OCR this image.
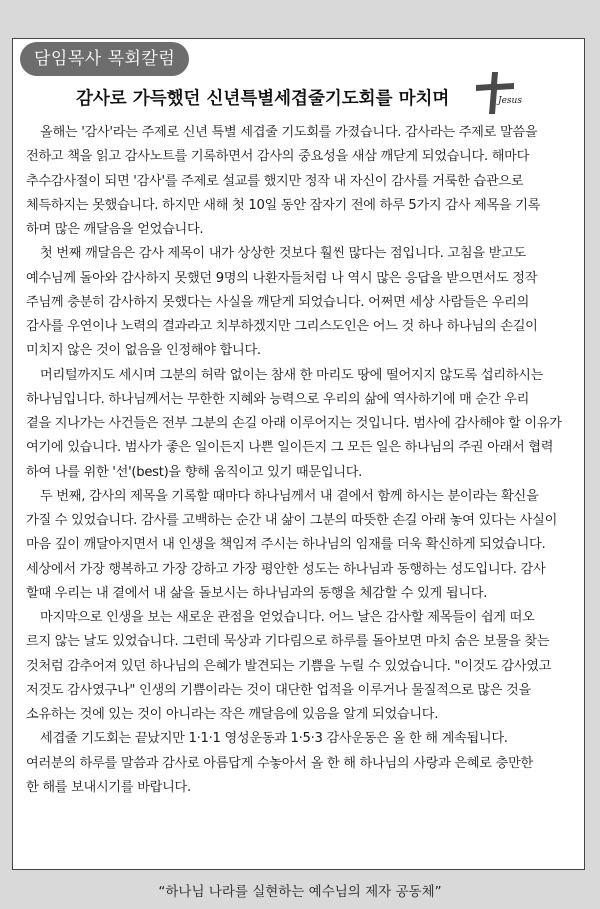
담임목사 목회칼럼
감사로 가득했던 신년특별세겹줄기도회를 마치며	Jesus
올해는 '감사'라는 주제로 신년 특별 세겹줄 기도회를 가졌습니다. 감사라는 주제로 말씀을
전하고 책을 읽고 감사노트를 기록하면서 감사의 중요성을 새삼 깨닫게 되었습니다. 해마다
추수감사절이 되면 '감사'를 주제로 설교를 했지만 정작 내 자신이 감사를 거룩한 습관으로
체득하지는 못했습니다. 하지만 새해 첫 10일 동안 잠자기 전에 하루 5가지 감사 제목을 기록
하며 많은 깨달음을 얻었습니다.
첫 번째 깨달음은 감사 제목이 내가 상상한 것보다 훨씬 많다는 점입니다. 고침을 받고도
예수님께 돌아와 감사하지 못했던 9명의 나환자들처럼 나 역시 많은 응답을 받으면서도 정작
주님께 충분히 감사하지 못했다는 사실을 깨닫게 되었습니다. 어쩌면 세상 사람들은 우리의
감사를 우연이나 노력의 결과라고 치부하겠지만 그리스도인은 어느 것 하나 하나님의 손길이
미치지 않은 것이 없음을 인정해야 합니다.
머리털까지도 세시며 그분의 허락 없이는 참새 한 마리도 땅에 떨어지지 않도록 섭리하시는
하나님입니다. 하나님께서는 무한한 지혜와 능력으로 우리의 삶에 역사하기에 매 순간 우리
곁을 지나가는 사건들은 전부 그분의 손길 아래 이루어지는 것입니다. 범사에 감사해야 할 이유가
여기에 있습니다. 범사가 좋은 일이든지 나쁜 일이든지 그 모든 일은 하나님의 주권 아래서 협력
하여 나를 위한 '선'(best)을 향해 움직이고 있기 때문입니다.
두 번째, 감사의 제목을 기록할 때마다 하나님께서 내 곁에서 함께 하시는 분이라는 확신을
가질 수 있었습니다. 감사를 고백하는 순간 내 삶이 그분의 따뜻한 손길 아래 놓여 있다는 사실이
마음 깊이 깨달아지면서 내 인생을 책임져 주시는 하나님의 임재를 더욱 확신하게 되었습니다.
세상에서 가장 행복하고 가장 강하고 가장 평안한 성도는 하나님과 동행하는 성도입니다. 감사
할때 우리는 내 곁에서 내 삶을 돌보시는 하나님과의 동행을 체감할 수 있게 됩니다.
마지막으로 인생을 보는 새로운 관점을 얻었습니다. 어느 날은 감사할 제목들이 쉽게 떠오
르지 않는 날도 있었습니다. 그런데 묵상과 기다림으로 하루를 돌아보면 마치 숨은 보물을 찾는
것처럼 감추어져 있던 하나님의 은혜가 발견되는 기쁨을 누릴 수 있었습니다. "이것도 감사였고
저것도 감사였구나" 인생의 기쁨이라는 것이 대단한 업적을 이루거나 물질적으로 많은 것을
소유하는 것에 있는 것이 아니라는 작은 깨달음에 있음을 알게 되었습니다.
세겹줄 기도회는 끝났지만 1·1·1 영성운동과 1·5·3 감사운동은 올 한 해 계속됩니다.
여러분의 하루를 말씀과 감사로 아름답게 수놓아서 올 한 해 하나님의 사랑과 은혜로 충만한
한 해를 보내시기를 바랍니다.
“하나님 나라를 실현하는 예수님의 제자 공동체”
